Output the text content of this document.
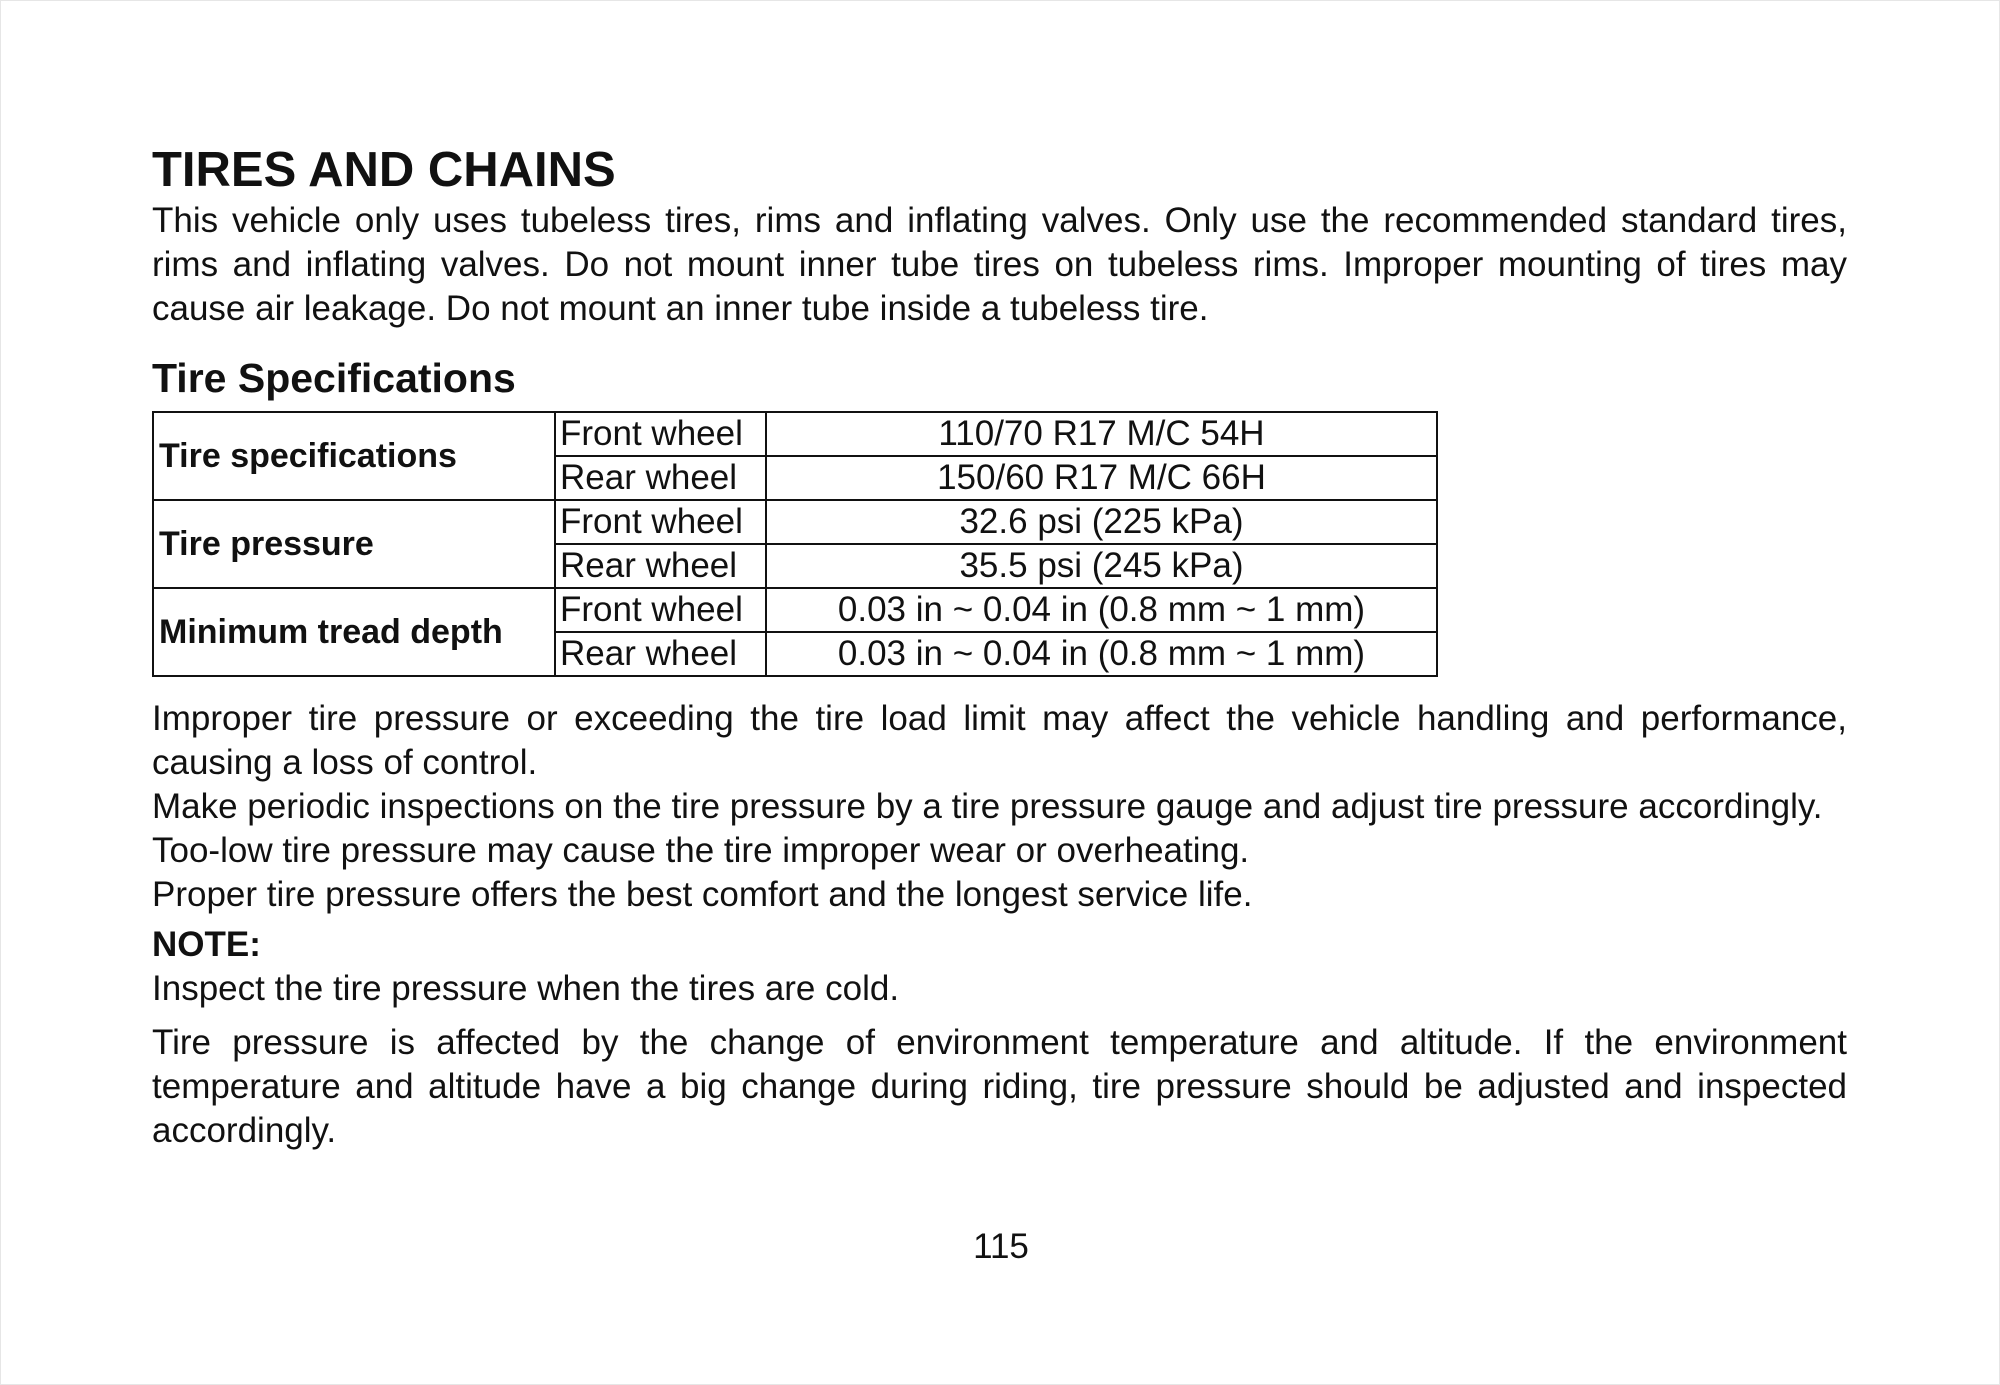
TIRES AND CHAINS

This vehicle only uses tubeless tires, rims and inflating valves. Only use the recommended standard tires, rims and inflating valves. Do not mount inner tube tires on tubeless rims. Improper mounting of tires may cause air leakage. Do not mount an inner tube inside a tubeless tire.

Tire Specifications
Tire specifications	Front wheel	110/70 R17 M/C 54H
	Rear wheel	150/60 R17 M/C 66H
Tire pressure	Front wheel	32.6 psi (225 kPa)
	Rear wheel	35.5 psi (245 kPa)
Minimum tread depth	Front wheel	0.03 in ~ 0.04 in (0.8 mm ~ 1 mm)
	Rear wheel	0.03 in ~ 0.04 in (0.8 mm ~ 1 mm)

Improper tire pressure or exceeding the tire load limit may affect the vehicle handling and performance, causing a loss of control.

Make periodic inspections on the tire pressure by a tire pressure gauge and adjust tire pressure accordingly.

Too-low tire pressure may cause the tire improper wear or overheating.

Proper tire pressure offers the best comfort and the longest service life.

NOTE:

Inspect the tire pressure when the tires are cold.

Tire pressure is affected by the change of environment temperature and altitude. If the environment temperature and altitude have a big change during riding, tire pressure should be adjusted and inspected accordingly.

115
